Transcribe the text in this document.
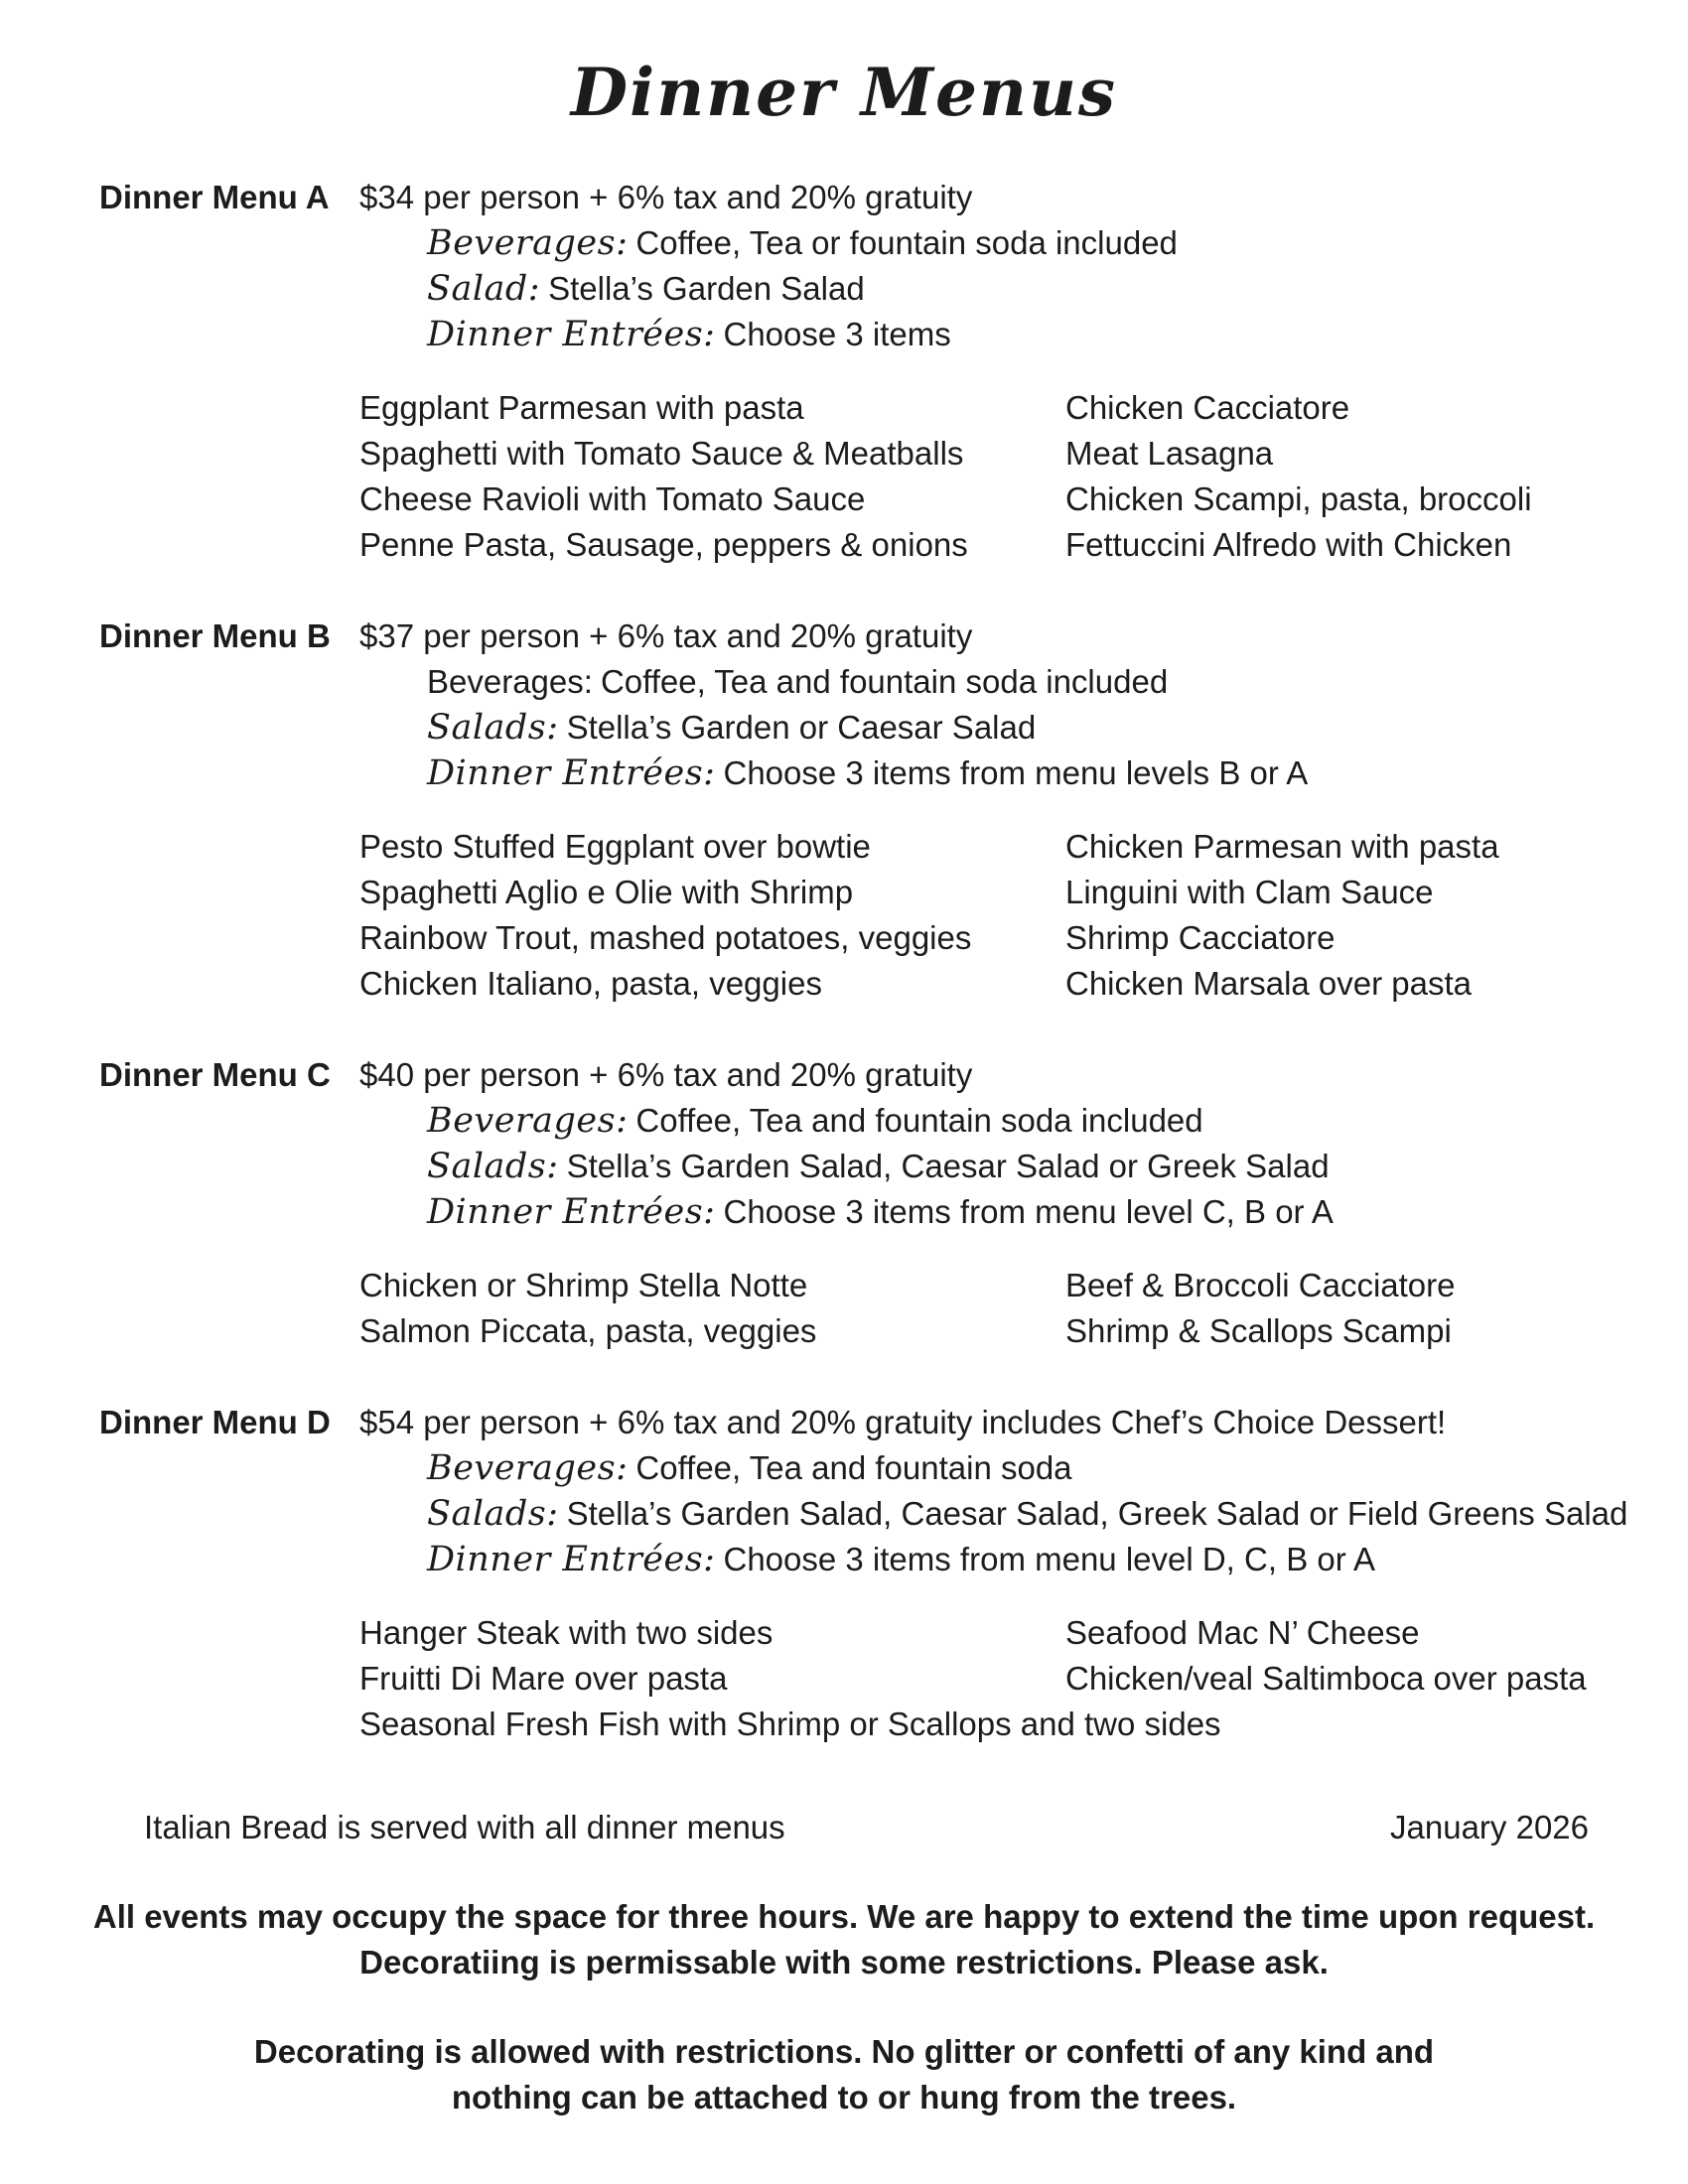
Dinner Menus
Dinner Menu A $34 per person + 6% tax and 20% gratuity
Beverages: Coffee, Tea or fountain soda included
Salad: Stella’s Garden Salad
Dinner Entrées: Choose 3 items
Eggplant Parmesan with pasta
Spaghetti with Tomato Sauce & Meatballs
Cheese Ravioli with Tomato Sauce
Penne Pasta, Sausage, peppers & onions
Chicken Cacciatore
Meat Lasagna
Chicken Scampi, pasta, broccoli
Fettuccini Alfredo with Chicken
Dinner Menu B $37 per person + 6% tax and 20% gratuity
Beverages: Coffee, Tea and fountain soda included
Salads: Stella’s Garden or Caesar Salad
Dinner Entrées: Choose 3 items from menu levels B or A
Pesto Stuffed Eggplant over bowtie
Spaghetti Aglio e Olie with Shrimp
Rainbow Trout, mashed potatoes, veggies
Chicken Italiano, pasta, veggies
Chicken Parmesan with pasta
Linguini with Clam Sauce
Shrimp Cacciatore
Chicken Marsala over pasta
Dinner Menu C $40 per person + 6% tax and 20% gratuity
Beverages: Coffee, Tea and fountain soda included
Salads: Stella’s Garden Salad, Caesar Salad or Greek Salad
Dinner Entrées: Choose 3 items from menu level C, B or A
Chicken or Shrimp Stella Notte
Salmon Piccata, pasta, veggies
Beef & Broccoli Cacciatore
Shrimp & Scallops Scampi
Dinner Menu D $54 per person + 6% tax and 20% gratuity includes Chef’s Choice Dessert!
Beverages: Coffee, Tea and fountain soda
Salads: Stella’s Garden Salad, Caesar Salad, Greek Salad or Field Greens Salad
Dinner Entrées: Choose 3 items from menu level D, C, B or A
Hanger Steak with two sides
Fruitti Di Mare over pasta
Seafood Mac N’ Cheese
Chicken/veal Saltimboca over pasta
Seasonal Fresh Fish with Shrimp or Scallops and two sides
Italian Bread is served with all dinner menus	January 2026
All events may occupy the space for three hours. We are happy to extend the time upon request.
Decoratiing is permissable with some restrictions. Please ask.
Decorating is allowed with restrictions. No glitter or confetti of any kind and
nothing can be attached to or hung from the trees.
